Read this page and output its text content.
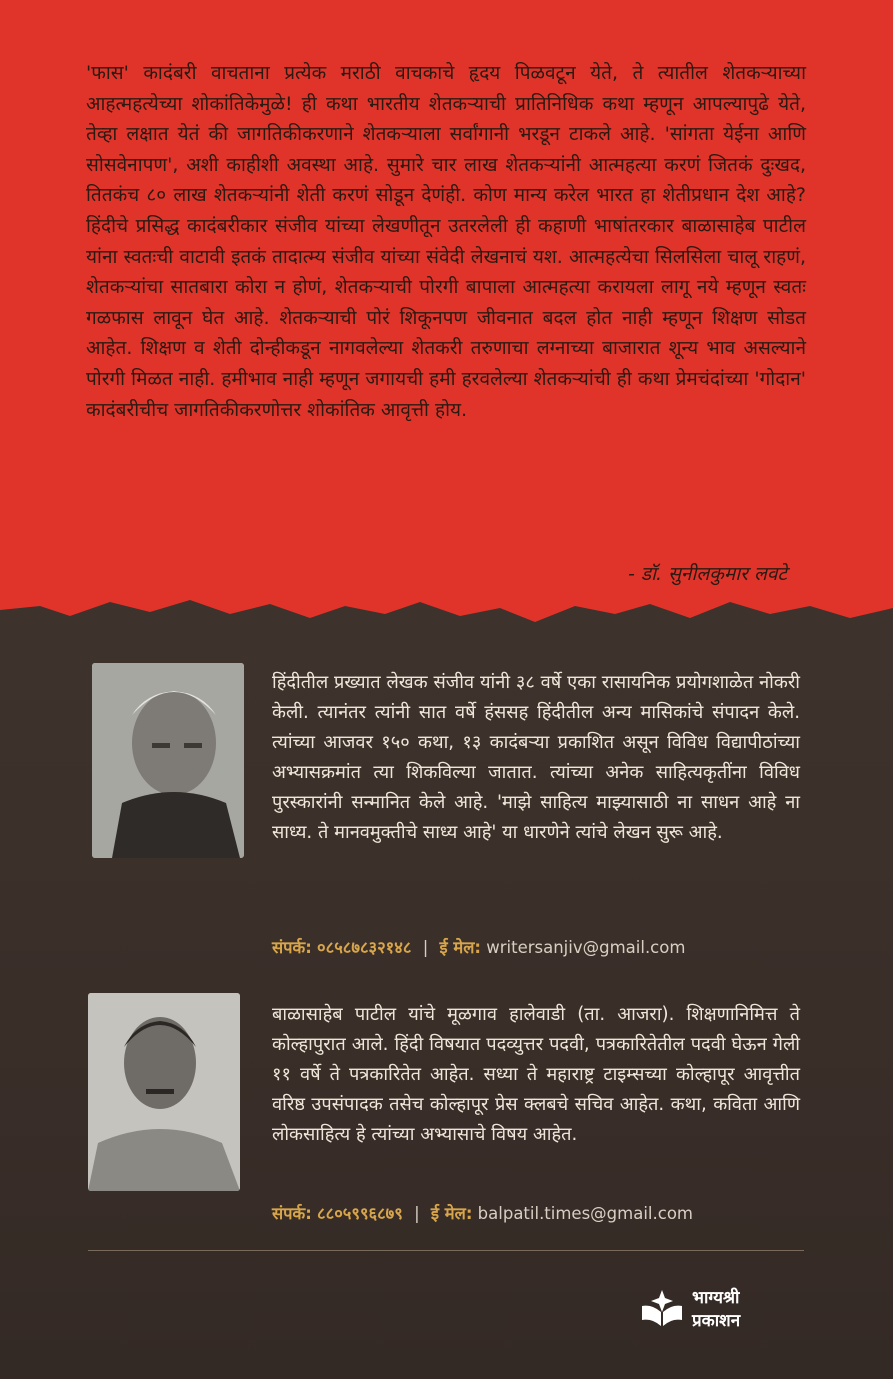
'फास' कादंबरी वाचताना प्रत्येक मराठी वाचकाचे हृदय पिळवटून येते, ते त्यातील शेतकऱ्याच्या आहत्महत्येच्या शोकांतिकेमुळे! ही कथा भारतीय शेतकऱ्याची प्रातिनिधिक कथा म्हणून आपल्यापुढे येते, तेव्हा लक्षात येतं की जागतिकीकरणाने शेतकऱ्याला सर्वांगानी भरडून टाकले आहे. 'सांगता येईना आणि सोसवेनापण', अशी काहीशी अवस्था आहे. सुमारे चार लाख शेतकऱ्यांनी आत्महत्या करणं जितकं दुःखद, तितकंच ८० लाख शेतकऱ्यांनी शेती करणं सोडून देणंही. कोण मान्य करेल भारत हा शेतीप्रधान देश आहे? हिंदीचे प्रसिद्ध कादंबरीकार संजीव यांच्या लेखणीतून उतरलेली ही कहाणी भाषांतरकार बाळासाहेब पाटील यांना स्वतःची वाटावी इतकं तादात्म्य संजीव यांच्या संवेदी लेखनाचं यश. आत्महत्येचा सिलसिला चालू राहणं, शेतकऱ्यांचा सातबारा कोरा न होणं, शेतकऱ्याची पोरगी बापाला आत्महत्या करायला लागू नये म्हणून स्वतः गळफास लावून घेत आहे. शेतकऱ्याची पोरं शिकूनपण जीवनात बदल होत नाही म्हणून शिक्षण सोडत आहेत. शिक्षण व शेती दोन्हीकडून नागवलेल्या शेतकरी तरुणाचा लग्नाच्या बाजारात शून्य भाव असल्याने पोरगी मिळत नाही. हमीभाव नाही म्हणून जगायची हमी हरवलेल्या शेतकऱ्यांची ही कथा प्रेमचंदांच्या 'गोदान' कादंबरीचीच जागतिकीकरणोत्तर शोकांतिक आवृत्ती होय.

- डॉ. सुनीलकुमार लवटे
हिंदीतील प्रख्यात लेखक संजीव यांनी ३८ वर्षे एका रासायनिक प्रयोगशाळेत नोकरी केली. त्यानंतर त्यांनी सात वर्षे हंससह हिंदीतील अन्य मासिकांचे संपादन केले. त्यांच्या आजवर १५० कथा, १३ कादंबऱ्या प्रकाशित असून विविध विद्यापीठांच्या अभ्यासक्रमांत त्या शिकविल्या जातात. त्यांच्या अनेक साहित्यकृतींना विविध पुरस्कारांनी सन्मानित केले आहे. 'माझे साहित्य माझ्यासाठी ना साधन आहे ना साध्य. ते मानवमुक्तीचे साध्य आहे' या धारणेने त्यांचे लेखन सुरू आहे.
संपर्क: ०८५८७८३२१४८ | ई मेल: writersanjiv@gmail.com
बाळासाहेब पाटील यांचे मूळगाव हालेवाडी (ता. आजरा). शिक्षणानिमित्त ते कोल्हापुरात आले. हिंदी विषयात पदव्युत्तर पदवी, पत्रकारितेतील पदवी घेऊन गेली ११ वर्षे ते पत्रकारितेत आहेत. सध्या ते महाराष्ट्र टाइम्सच्या कोल्हापूर आवृत्तीत वरिष्ठ उपसंपादक तसेच कोल्हापूर प्रेस क्लबचे सचिव आहेत. कथा, कविता आणि लोकसाहित्य हे त्यांच्या अभ्यासाचे विषय आहेत.
संपर्क: ८८०५९९६८७९ | ई मेल: balpatil.times@gmail.com
भाग्यश्री
प्रकाशन
